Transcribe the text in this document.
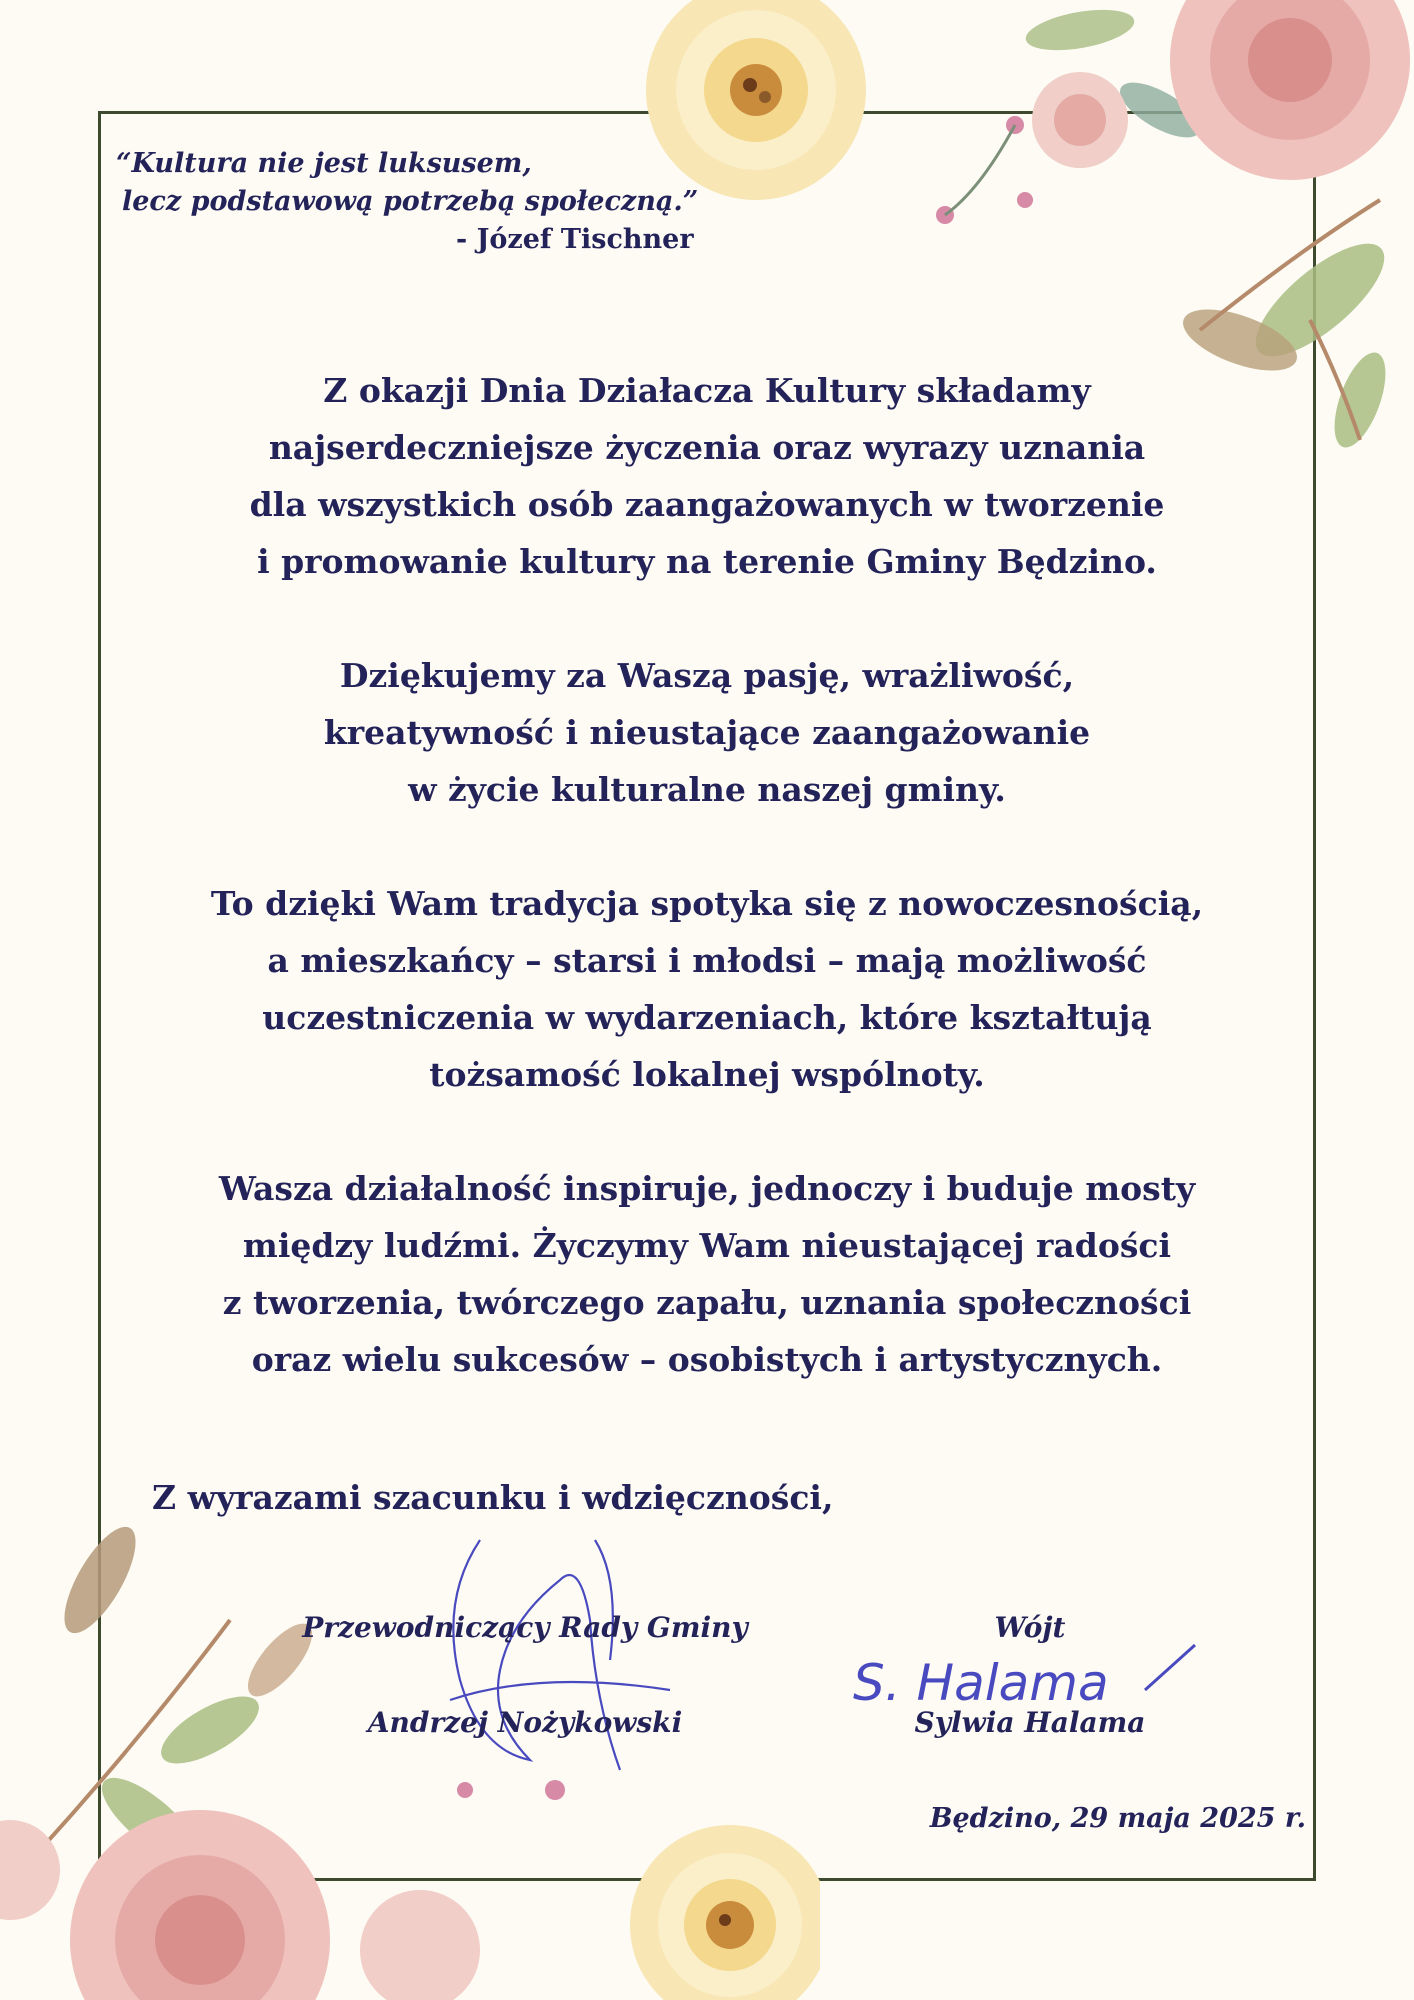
“Kultura nie jest luksusem,
lecz podstawową potrzebą społeczną.”
- Józef Tischner
Z okazji Dnia Działacza Kultury składamy
najserdeczniejsze życzenia oraz wyrazy uznania
dla wszystkich osób zaangażowanych w tworzenie
i promowanie kultury na terenie Gminy Będzino.
Dziękujemy za Waszą pasję, wrażliwość,
kreatywność i nieustające zaangażowanie
w życie kulturalne naszej gminy.
To dzięki Wam tradycja spotyka się z nowoczesnością,
a mieszkańcy – starsi i młodsi – mają możliwość
uczestniczenia w wydarzeniach, które kształtują
tożsamość lokalnej wspólnoty.
Wasza działalność inspiruje, jednoczy i buduje mosty
między ludźmi. Życzymy Wam nieustającej radości
z tworzenia, twórczego zapału, uznania społeczności
oraz wielu sukcesów – osobistych i artystycznych.
Z wyrazami szacunku i wdzięczności,
S. Halama
Przewodniczący Rady Gminy
Andrzej Nożykowski
Wójt
Sylwia Halama
Będzino, 29 maja 2025 r.
